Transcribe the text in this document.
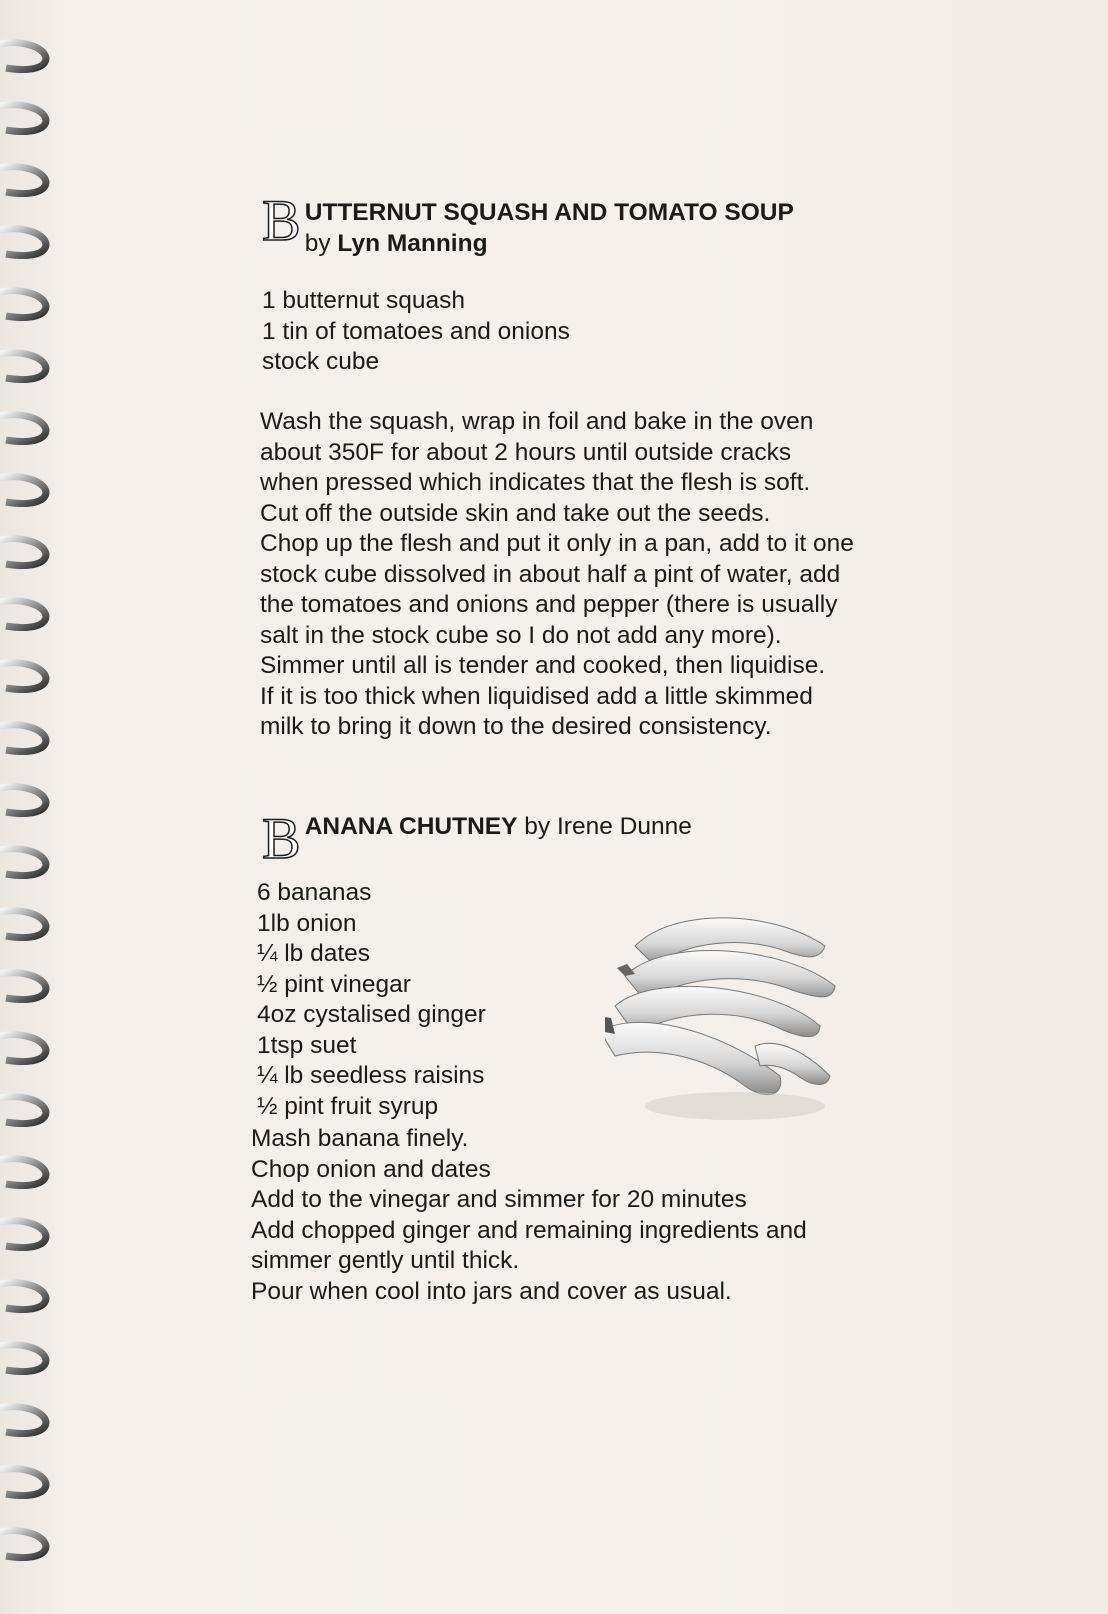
B UTTERNUT SQUASH AND TOMATO SOUP
by Lyn Manning
1 butternut squash
1 tin of tomatoes and onions
stock cube
Wash the squash, wrap in foil and bake in the oven
about 350F for about 2 hours until outside cracks
when pressed which indicates that the flesh is soft.
Cut off the outside skin and take out the seeds.
Chop up the flesh and put it only in a pan, add to it one
stock cube dissolved in about half a pint of water, add
the tomatoes and onions and pepper (there is usually
salt in the stock cube so I do not add any more).
Simmer until all is tender and cooked, then liquidise.
If it is too thick when liquidised add a little skimmed
milk to bring it down to the desired consistency.
B ANANA CHUTNEY by Irene Dunne
6 bananas
1lb onion
¼ lb dates
½ pint vinegar
4oz cystalised ginger
1tsp suet
¼ lb seedless raisins
½ pint fruit syrup
Mash banana finely.
Chop onion and dates
Add to the vinegar and simmer for 20 minutes
Add chopped ginger and remaining ingredients and
simmer gently until thick.
Pour when cool into jars and cover as usual.
